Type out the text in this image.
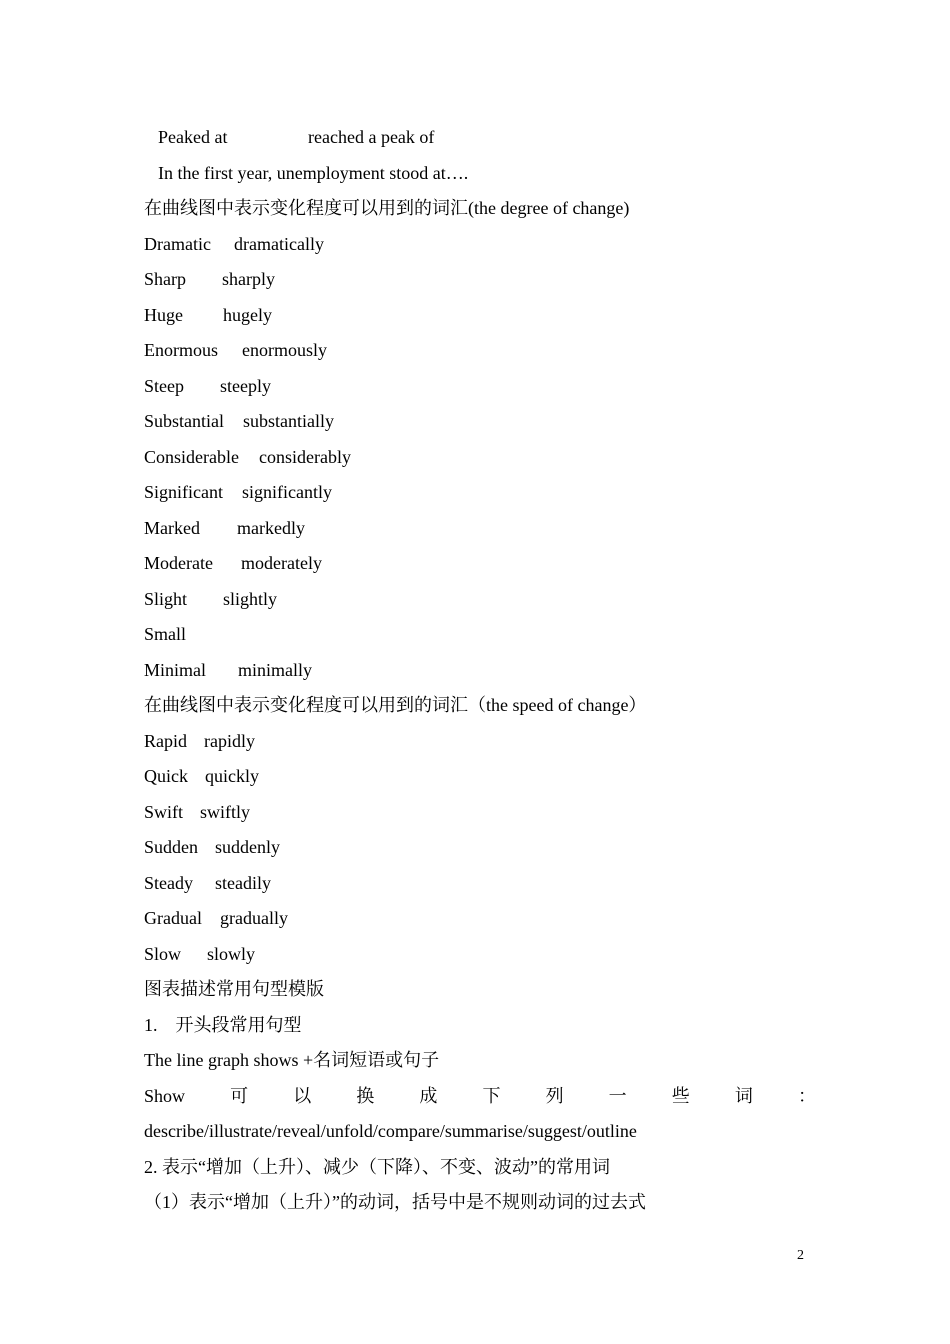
Peaked at	reached a peak of
In the first year, unemployment stood at….
在曲线图中表示变化程度可以用到的词汇(the degree of change)
Dramatic dramatically
Sharp sharply
Huge hugely
Enormous enormously
Steep steeply
Substantial substantially
Considerable considerably
Significant significantly
Marked markedly
Moderate moderately
Slight slightly
Small
Minimal minimally
在曲线图中表示变化程度可以用到的词汇（the speed of change）
Rapid rapidly
Quick quickly
Swift swiftly
Sudden suddenly
Steady steadily
Gradual gradually
Slow slowly
图表描述常用句型模版
1.　开头段常用句型
The line graph shows +名词短语或句子
Show	可	以	换	成	下	列	一	些	词	：
describe/illustrate/reveal/unfold/compare/summarise/suggest/outline
2. 表示“增加（上升）、减少（下降）、不变、波动”的常用词
（1）表示“增加（上升）”的动词，括号中是不规则动词的过去式
2
